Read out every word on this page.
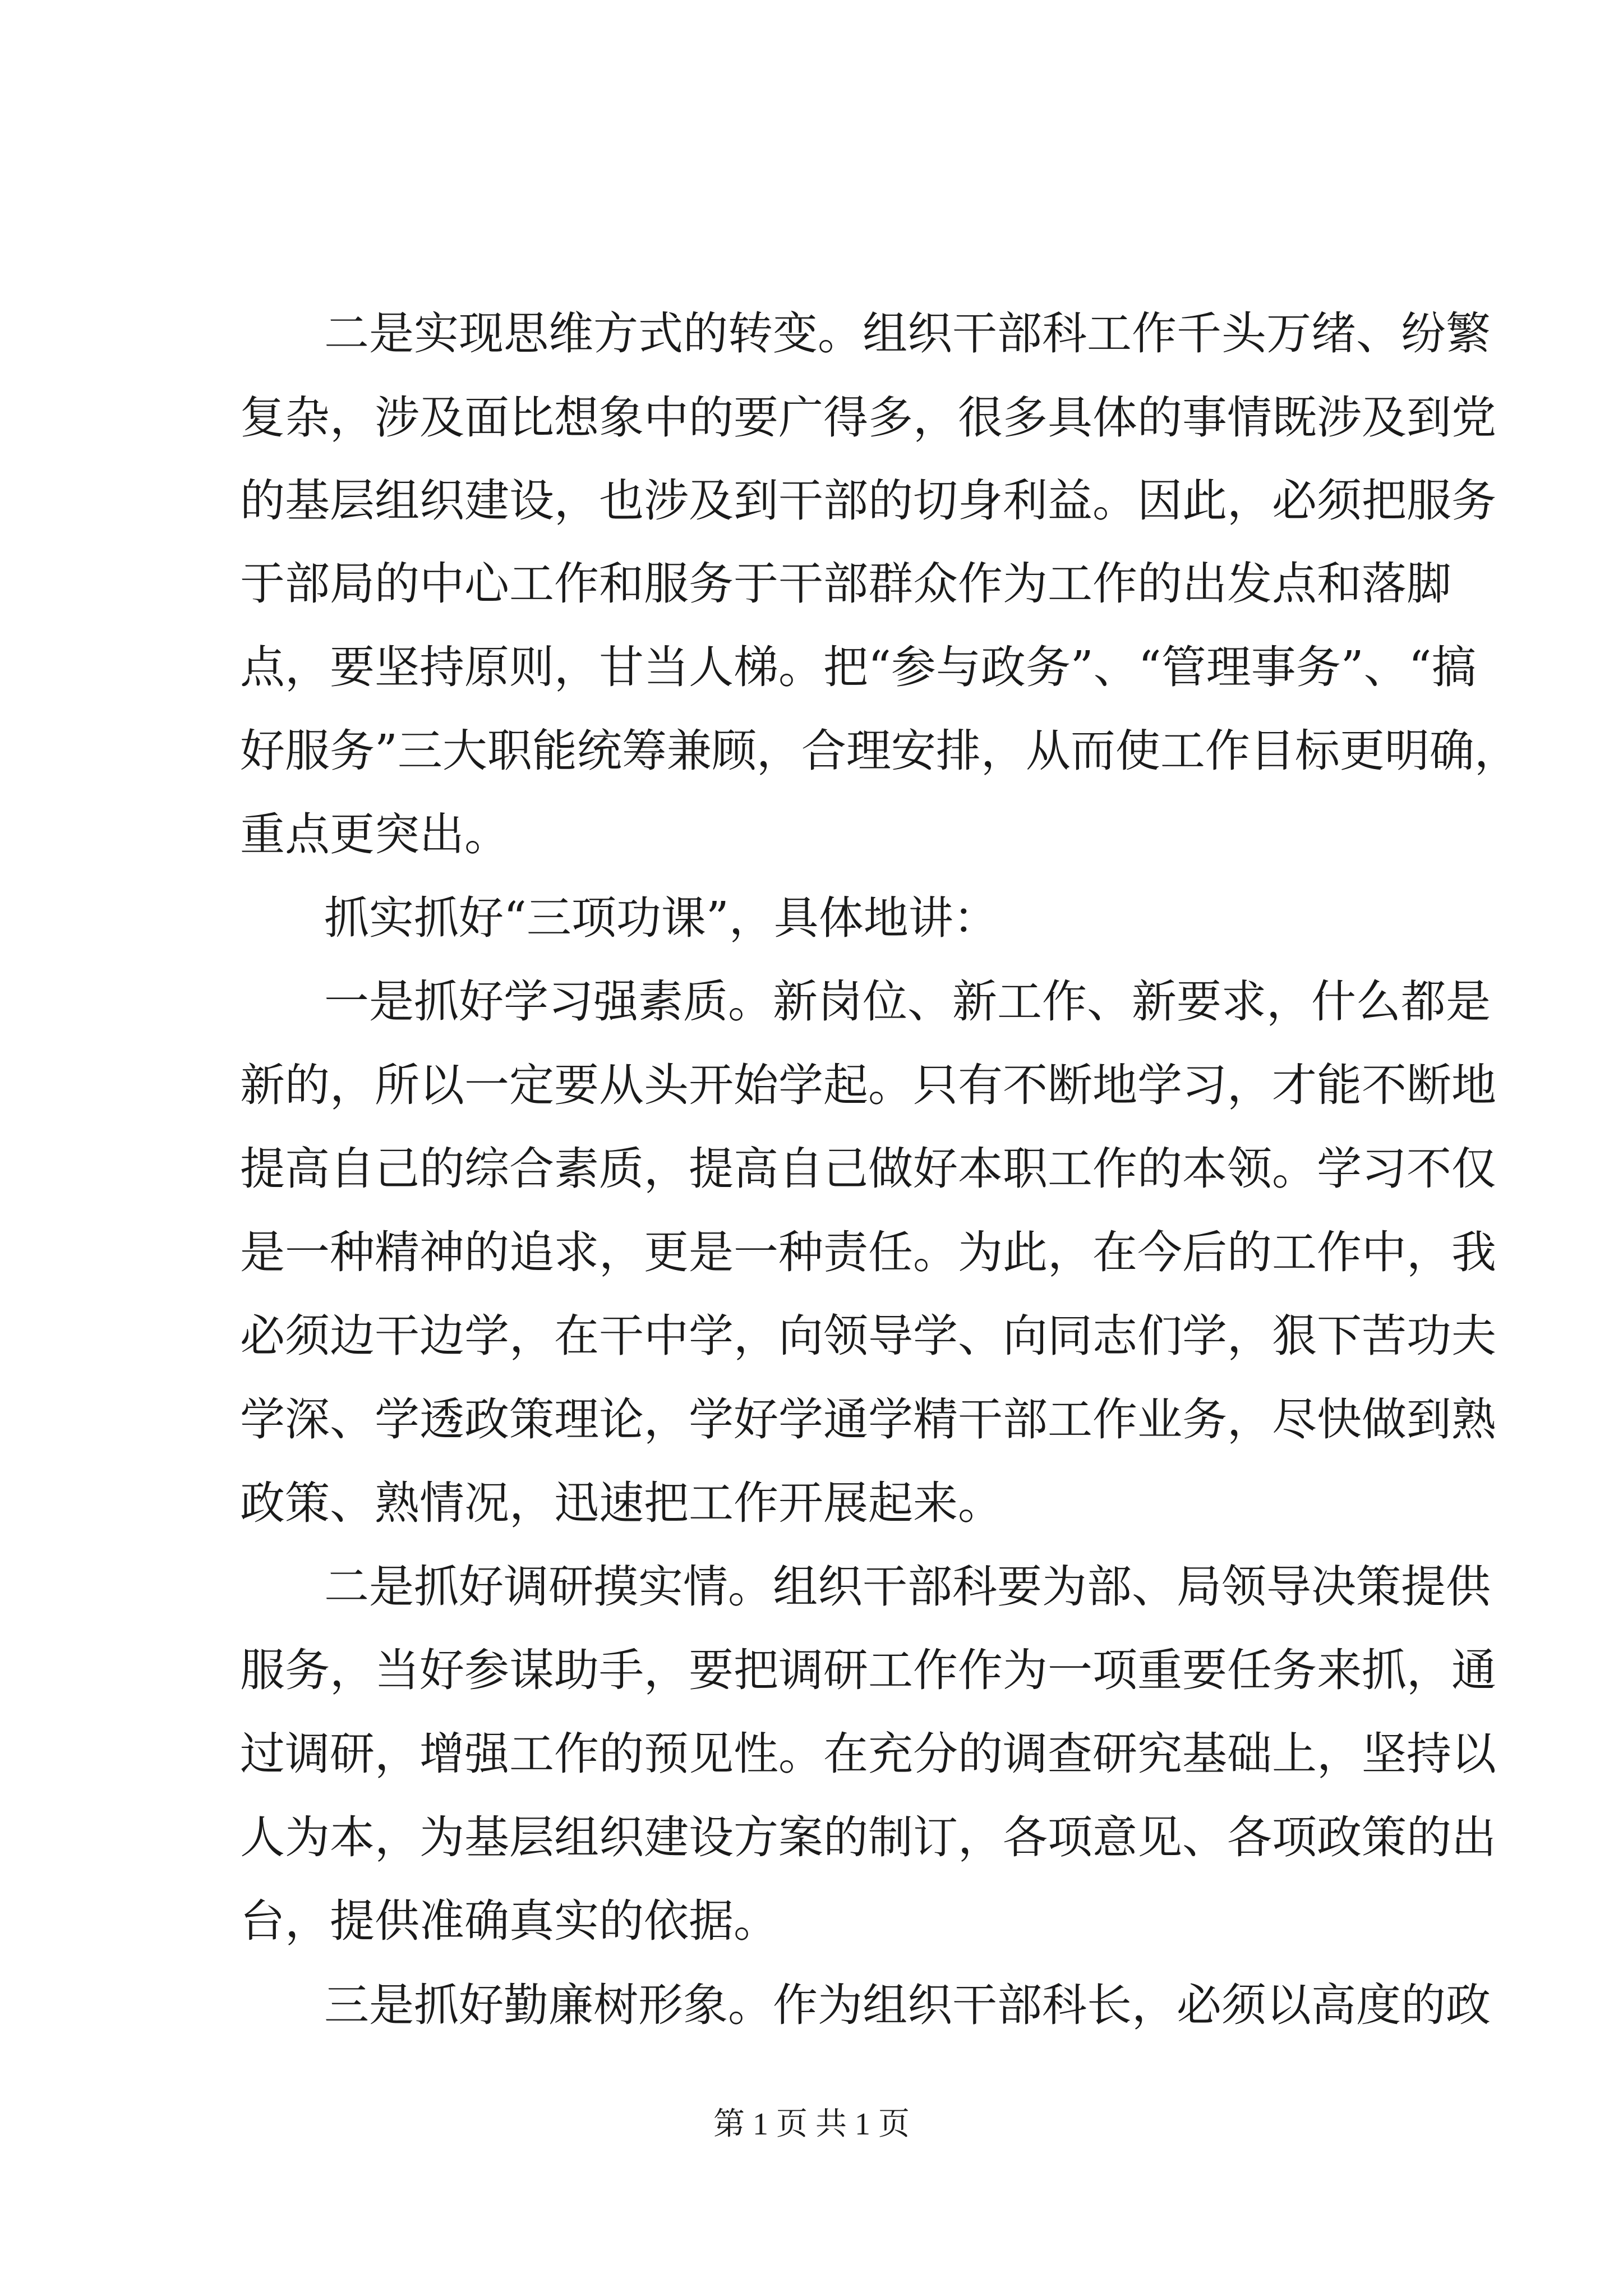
二是实现思维方式的转变。组织干部科工作千头万绪、纷繁
复杂，涉及面比想象中的要广得多，很多具体的事情既涉及到党
的基层组织建设，也涉及到干部的切身利益。因此，必须把服务
于部局的中心工作和服务于干部群众作为工作的出发点和落脚
点，要坚持原则，甘当人梯。把“参与政务”、“管理事务”、“搞
好服务”三大职能统筹兼顾，合理安排，从而使工作目标更明确，
重点更突出。
抓实抓好“三项功课”，具体地讲：
一是抓好学习强素质。新岗位、新工作、新要求，什么都是
新的，所以一定要从头开始学起。只有不断地学习，才能不断地
提高自己的综合素质，提高自己做好本职工作的本领。学习不仅
是一种精神的追求，更是一种责任。为此，在今后的工作中，我
必须边干边学，在干中学，向领导学、向同志们学，狠下苦功夫
学深、学透政策理论，学好学通学精干部工作业务，尽快做到熟
政策、熟情况，迅速把工作开展起来。
二是抓好调研摸实情。组织干部科要为部、局领导决策提供
服务，当好参谋助手，要把调研工作作为一项重要任务来抓，通
过调研，增强工作的预见性。在充分的调查研究基础上，坚持以
人为本，为基层组织建设方案的制订，各项意见、各项政策的出
台，提供准确真实的依据。
三是抓好勤廉树形象。作为组织干部科长，必须以高度的政
第 1 页 共 1 页
